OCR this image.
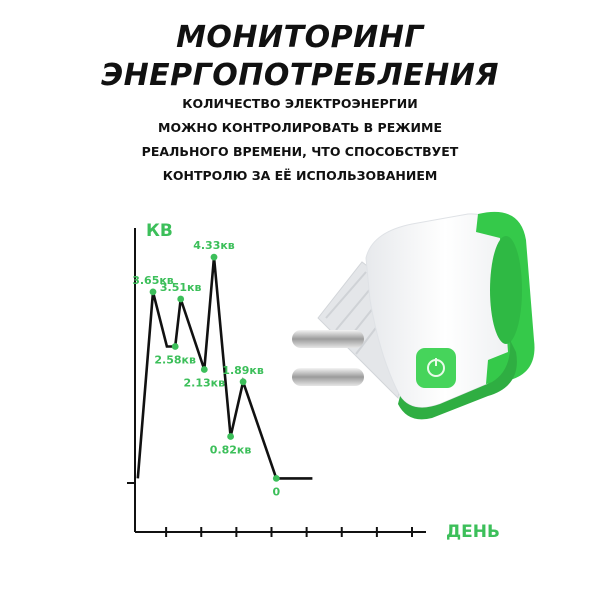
МОНИТОРИНГ
ЭНЕРГОПОТРЕБЛЕНИЯ

КОЛИЧЕСТВО ЭЛЕКТРОЭНЕРГИИ

МОЖНО КОНТРОЛИРОВАТЬ В РЕЖИМЕ

РЕАЛЬНОГО ВРЕМЕНИ, ЧТО СПОСОБСТВУЕТ

КОНТРОЛЮ ЗА ЕЁ ИСПОЛЬЗОВАНИЕМ

КВ
ДЕНЬ
3.65кв
2.58кв
3.51кв
2.13кв
4.33кв
0.82кв
1.89кв
0
